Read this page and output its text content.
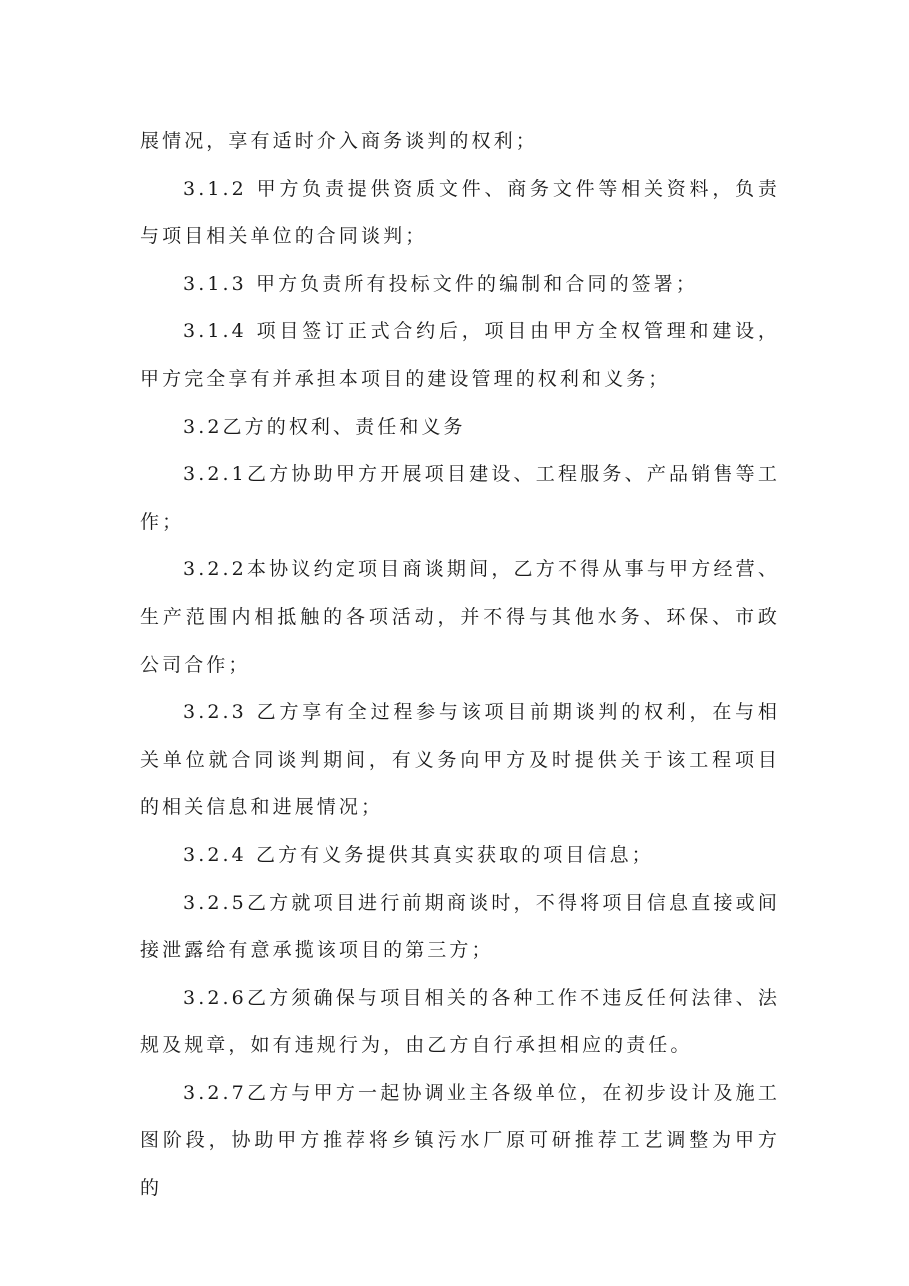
展情况，享有适时介入商务谈判的权利；

3.1.2 甲方负责提供资质文件、商务文件等相关资料，负责与项目相关单位的合同谈判；

3.1.3 甲方负责所有投标文件的编制和合同的签署；

3.1.4 项目签订正式合约后，项目由甲方全权管理和建设，甲方完全享有并承担本项目的建设管理的权利和义务；

3.2乙方的权利、责任和义务

3.2.1乙方协助甲方开展项目建设、工程服务、产品销售等工作；

3.2.2本协议约定项目商谈期间，乙方不得从事与甲方经营、生产范围内相抵触的各项活动，并不得与其他水务、环保、市政公司合作；

3.2.3 乙方享有全过程参与该项目前期谈判的权利，在与相关单位就合同谈判期间，有义务向甲方及时提供关于该工程项目的相关信息和进展情况；

3.2.4 乙方有义务提供其真实获取的项目信息；

3.2.5乙方就项目进行前期商谈时，不得将项目信息直接或间接泄露给有意承揽该项目的第三方；

3.2.6乙方须确保与项目相关的各种工作不违反任何法律、法规及规章，如有违规行为，由乙方自行承担相应的责任。

3.2.7乙方与甲方一起协调业主各级单位，在初步设计及施工图阶段，协助甲方推荐将乡镇污水厂原可研推荐工艺调整为甲方的
